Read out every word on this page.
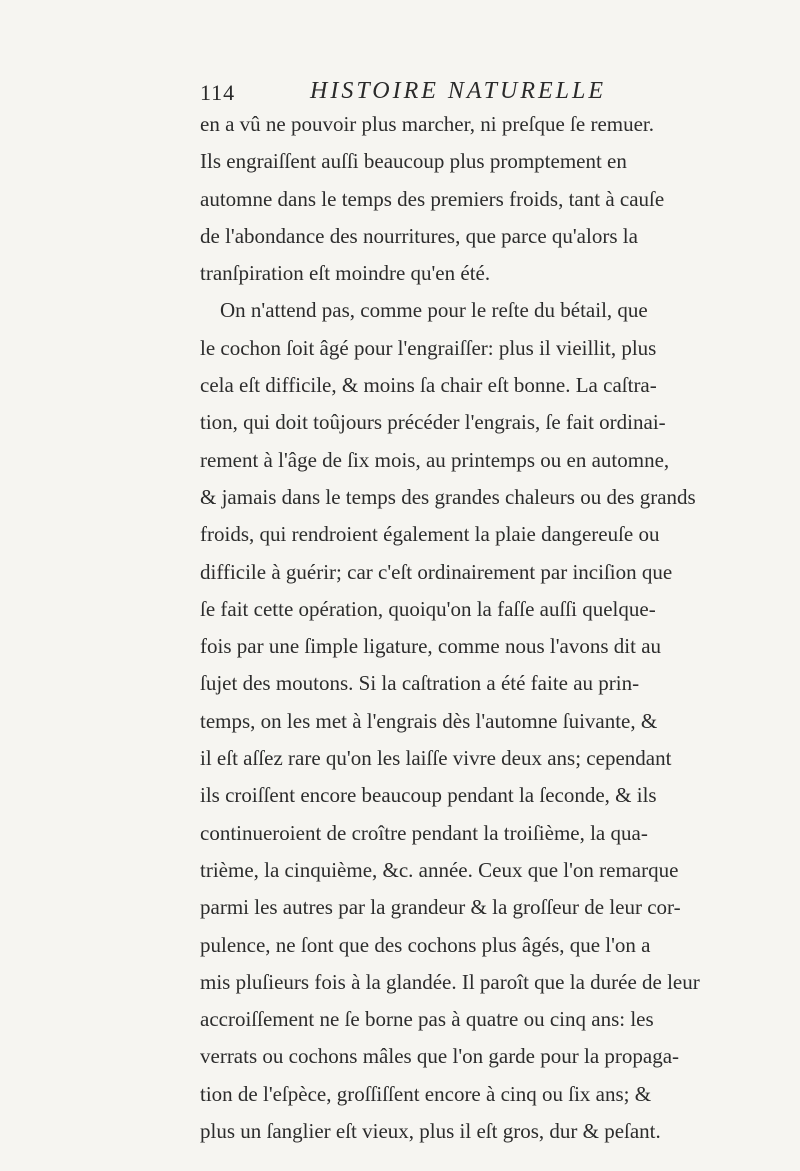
114	HISTOIRE NATURELLE
en a vû ne pouvoir plus marcher, ni preſque ſe remuer.
Ils engraiſſent auſſi beaucoup plus promptement en
automne dans le temps des premiers froids, tant à cauſe
de l'abondance des nourritures, que parce qu'alors la
tranſpiration eſt moindre qu'en été.
On n'attend pas, comme pour le reſte du bétail, que
le cochon ſoit âgé pour l'engraiſſer: plus il vieillit, plus
cela eſt difficile, & moins ſa chair eſt bonne. La caſtra-
tion, qui doit toûjours précéder l'engrais, ſe fait ordinai-
rement à l'âge de ſix mois, au printemps ou en automne,
& jamais dans le temps des grandes chaleurs ou des grands
froids, qui rendroient également la plaie dangereuſe ou
difficile à guérir; car c'eſt ordinairement par inciſion que
ſe fait cette opération, quoiqu'on la faſſe auſſi quelque-
fois par une ſimple ligature, comme nous l'avons dit au
ſujet des moutons. Si la caſtration a été faite au prin-
temps, on les met à l'engrais dès l'automne ſuivante, &
il eſt aſſez rare qu'on les laiſſe vivre deux ans; cependant
ils croiſſent encore beaucoup pendant la ſeconde, & ils
continueroient de croître pendant la troiſième, la qua-
trième, la cinquième, &c. année. Ceux que l'on remarque
parmi les autres par la grandeur & la groſſeur de leur cor-
pulence, ne ſont que des cochons plus âgés, que l'on a
mis pluſieurs fois à la glandée. Il paroît que la durée de leur
accroiſſement ne ſe borne pas à quatre ou cinq ans: les
verrats ou cochons mâles que l'on garde pour la propaga-
tion de l'eſpèce, groſſiſſent encore à cinq ou ſix ans; &
plus un ſanglier eſt vieux, plus il eſt gros, dur & peſant.
